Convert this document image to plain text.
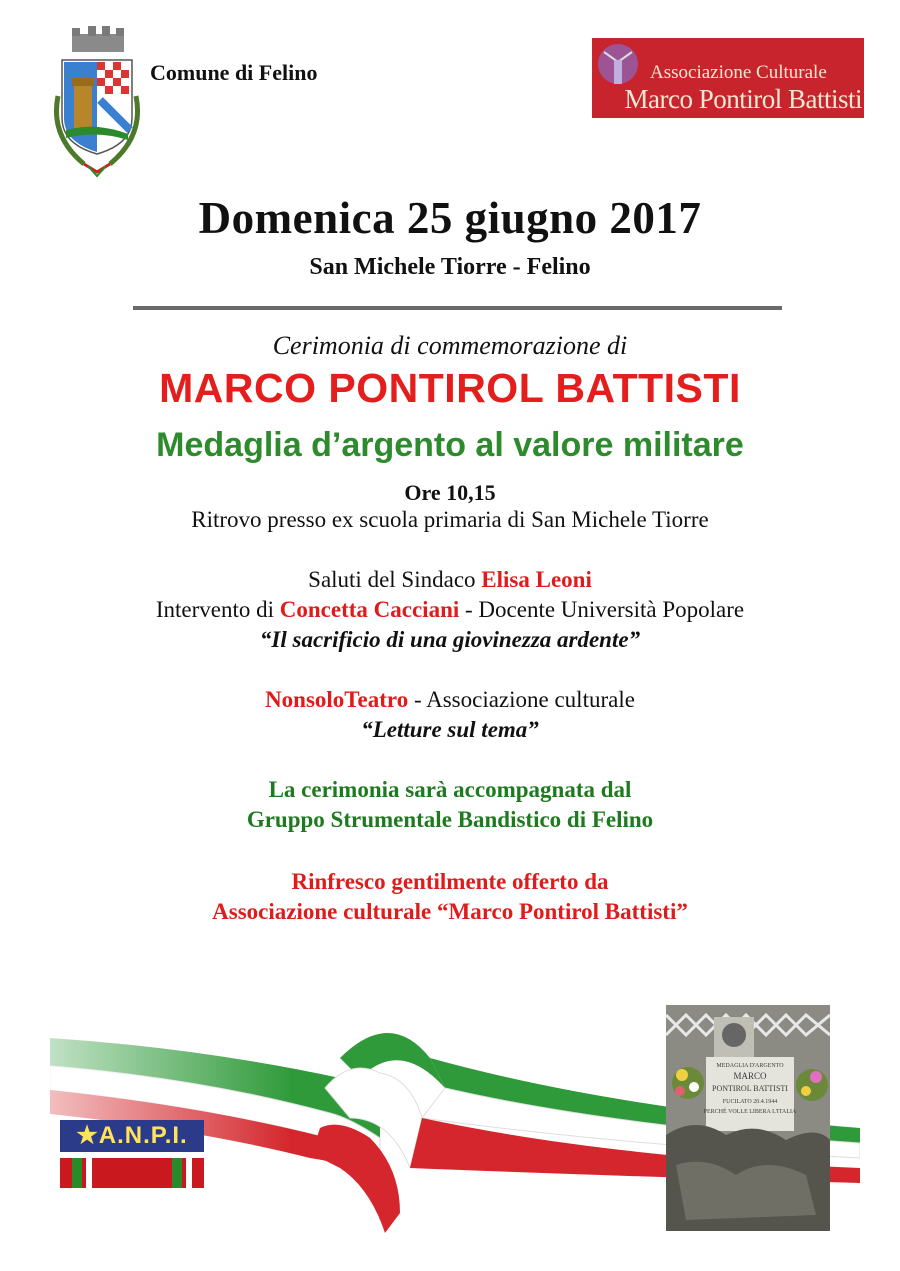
Comune di Felino	Associazione Culturale
Marco Pontirol Battisti
Domenica 25 giugno 2017
San Michele Tiorre - Felino
Cerimonia di commemorazione di
MARCO PONTIROL BATTISTI
Medaglia d’argento al valore militare
Ore 10,15
Ritrovo presso ex scuola primaria di San Michele Tiorre
Saluti del Sindaco Elisa Leoni
Intervento di Concetta Cacciani - Docente Università Popolare
“Il sacrificio di una giovinezza ardente”
NonsoloTeatro - Associazione culturale
“Letture sul tema”
La cerimonia sarà accompagnata dal
Gruppo Strumentale Bandistico di Felino
Rinfresco gentilmente offerto da
Associazione culturale “Marco Pontirol Battisti”
★A.N.P.I.
MEDAGLIA D'ARGENTO
MARCO
PONTIROL BATTISTI
FUCILATO 20.4.1944
PERCHÉ VOLLE LIBERA L'ITALIA
